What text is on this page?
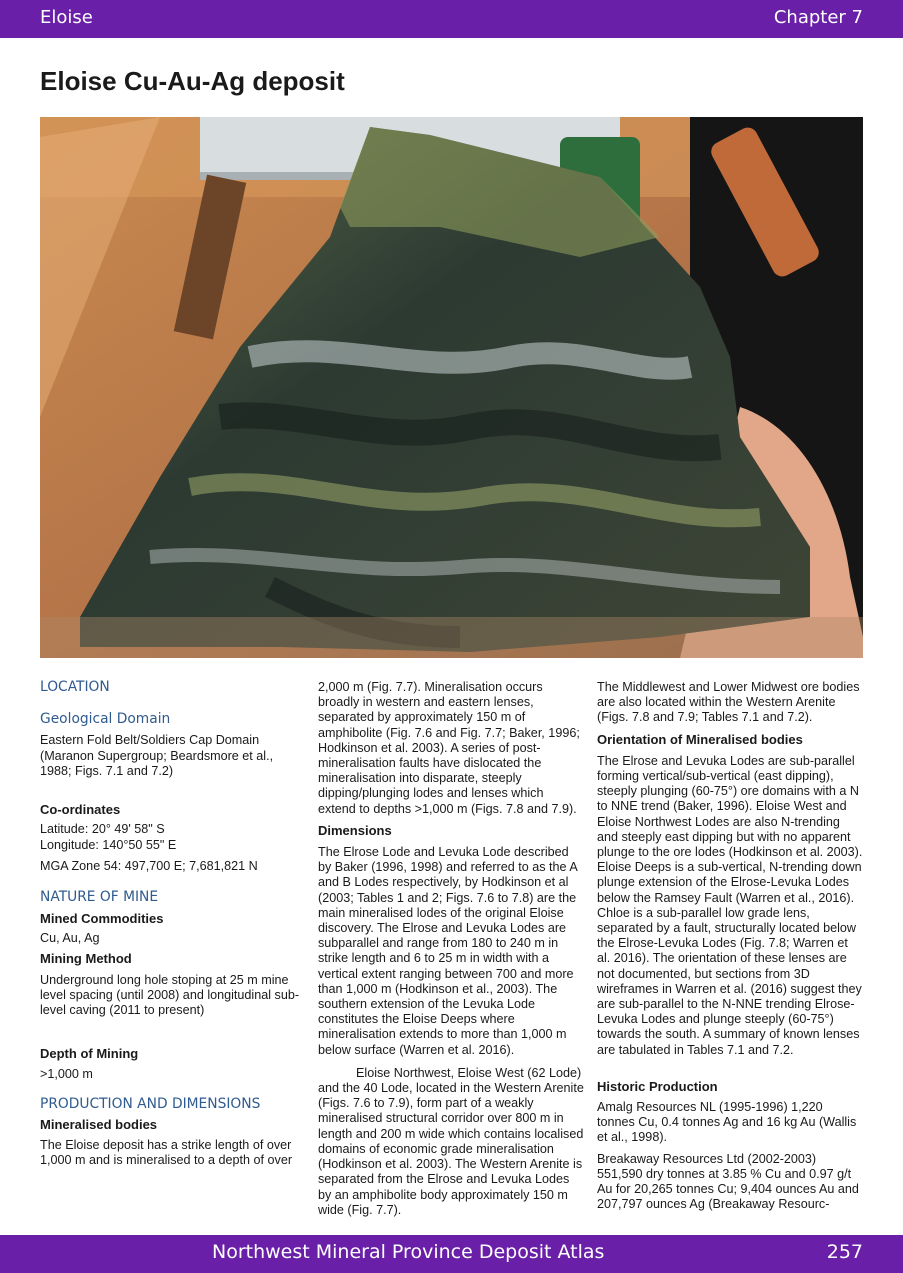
Eloise	Chapter 7
Eloise Cu-Au-Ag deposit
LOCATION
Geological Domain

Eastern Fold Belt/Soldiers Cap Domain (Maranon Supergroup; Beardsmore et al., 1988; Figs. 7.1 and 7.2)

Co-ordinates

Latitude: 20° 49' 58" S

Longitude: 140°50 55" E

MGA Zone 54: 497,700 E; 7,681,821 N

NATURE OF MINE
Mined Commodities

Cu, Au, Ag

Mining Method

Underground long hole stoping at 25 m mine level spacing (until 2008) and longitudinal sub-level caving (2011 to present)

Depth of Mining

>1,000 m

PRODUCTION AND DIMENSIONS
Mineralised bodies

The Eloise deposit has a strike length of over 1,000 m and is mineralised to a depth of over

2,000 m (Fig. 7.7). Mineralisation occurs broadly in western and eastern lenses, separated by approximately 150 m of amphibolite (Fig. 7.6 and Fig. 7.7; Baker, 1996; Hodkinson et al. 2003). A series of post-mineralisation faults have dislocated the mineralisation into disparate, steeply dipping/plunging lodes and lenses which extend to depths >1,000 m (Figs. 7.8 and 7.9).

Dimensions

The Elrose Lode and Levuka Lode described by Baker (1996, 1998) and referred to as the A and B Lodes respectively, by Hodkinson et al (2003; Tables 1 and 2; Figs. 7.6 to 7.8) are the main mineralised lodes of the original Eloise discovery. The Elrose and Levuka Lodes are subparallel and range from 180 to 240 m in strike length and 6 to 25 m in width with a vertical extent ranging between 700 and more than 1,000 m (Hodkinson et al., 2003). The southern extension of the Levuka Lode constitutes the Eloise Deeps where mineralisation extends to more than 1,000 m below surface (Warren et al. 2016).

Eloise Northwest, Eloise West (62 Lode) and the 40 Lode, located in the Western Arenite (Figs. 7.6 to 7.9), form part of a weakly mineralised structural corridor over 800 m in length and 200 m wide which contains localised domains of economic grade mineralisation (Hodkinson et al. 2003). The Western Arenite is separated from the Elrose and Levuka Lodes by an amphibolite body approximately 150 m wide (Fig. 7.7).

The Middlewest and Lower Midwest ore bodies are also located within the Western Arenite (Figs. 7.8 and 7.9; Tables 7.1 and 7.2).

Orientation of Mineralised bodies

The Elrose and Levuka Lodes are sub-parallel forming vertical/sub-vertical (east dipping), steeply plunging (60-75°) ore domains with a N to NNE trend (Baker, 1996). Eloise West and Eloise Northwest Lodes are also N-trending and steeply east dipping but with no apparent plunge to the ore lodes (Hodkinson et al. 2003). Eloise Deeps is a sub-vertical, N-trending down plunge extension of the Elrose-Levuka Lodes below the Ramsey Fault (Warren et al., 2016). Chloe is a sub-parallel low grade lens, separated by a fault, structurally located below the Elrose-Levuka Lodes (Fig. 7.8; Warren et al. 2016). The orientation of these lenses are not documented, but sections from 3D wireframes in Warren et al. (2016) suggest they are sub-parallel to the N-NNE trending Elrose-Levuka Lodes and plunge steeply (60-75°) towards the south. A summary of known lenses are tabulated in Tables 7.1 and 7.2.

Historic Production

Amalg Resources NL (1995-1996) 1,220 tonnes Cu, 0.4 tonnes Ag and 16 kg Au (Wallis et al., 1998).

Breakaway Resources Ltd (2002-2003) 551,590 dry tonnes at 3.85 % Cu and 0.97 g/t Au for 20,265 tonnes Cu; 9,404 ounces Au and 207,797 ounces Ag (Breakaway Resourc-

Northwest Mineral Province Deposit Atlas	257
